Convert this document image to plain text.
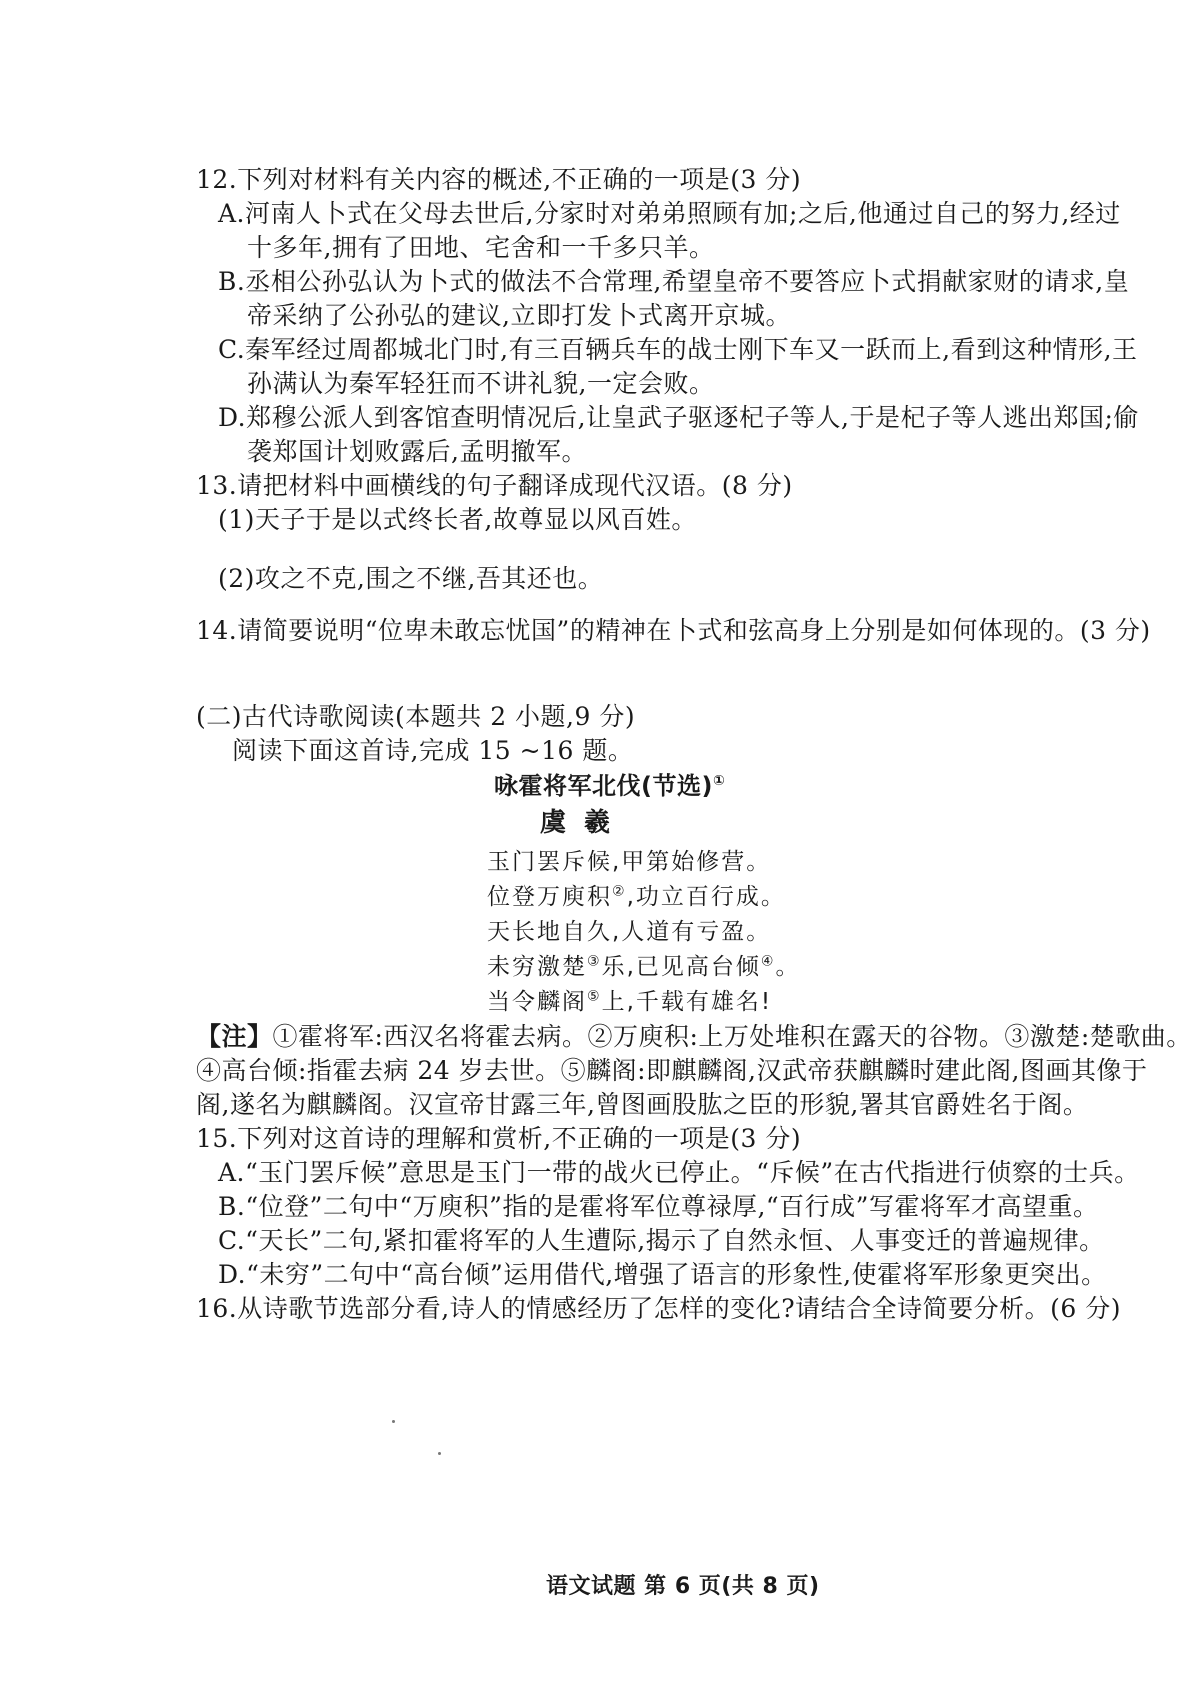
12.下列对材料有关内容的概述,不正确的一项是(3 分)
A.河南人卜式在父母去世后,分家时对弟弟照顾有加;之后,他通过自己的努力,经过
十多年,拥有了田地、宅舍和一千多只羊。
B.丞相公孙弘认为卜式的做法不合常理,希望皇帝不要答应卜式捐献家财的请求,皇
帝采纳了公孙弘的建议,立即打发卜式离开京城。
C.秦军经过周都城北门时,有三百辆兵车的战士刚下车又一跃而上,看到这种情形,王
孙满认为秦军轻狂而不讲礼貌,一定会败。
D.郑穆公派人到客馆查明情况后,让皇武子驱逐杞子等人,于是杞子等人逃出郑国;偷
袭郑国计划败露后,孟明撤军。
13.请把材料中画横线的句子翻译成现代汉语。(8 分)
(1)天子于是以式终长者,故尊显以风百姓。
(2)攻之不克,围之不继,吾其还也。
14.请简要说明“位卑未敢忘忧国”的精神在卜式和弦高身上分别是如何体现的。(3 分)
(二)古代诗歌阅读(本题共 2 小题,9 分)
阅读下面这首诗,完成 15 ~16 题。
咏霍将军北伐(节选)①
虞羲
玉门罢斥候,甲第始修营。
位登万庾积②,功立百行成。
天长地自久,人道有亏盈。
未穷激楚③乐,已见高台倾④。
当令麟阁⑤上,千载有雄名!
【注】①霍将军:西汉名将霍去病。②万庾积:上万处堆积在露天的谷物。③激楚:楚歌曲。
④高台倾:指霍去病 24 岁去世。⑤麟阁:即麒麟阁,汉武帝获麒麟时建此阁,图画其像于
阁,遂名为麒麟阁。汉宣帝甘露三年,曾图画股肱之臣的形貌,署其官爵姓名于阁。
15.下列对这首诗的理解和赏析,不正确的一项是(3 分)
A.“玉门罢斥候”意思是玉门一带的战火已停止。“斥候”在古代指进行侦察的士兵。
B.“位登”二句中“万庾积”指的是霍将军位尊禄厚,“百行成”写霍将军才高望重。
C.“天长”二句,紧扣霍将军的人生遭际,揭示了自然永恒、人事变迁的普遍规律。
D.“未穷”二句中“高台倾”运用借代,增强了语言的形象性,使霍将军形象更突出。
16.从诗歌节选部分看,诗人的情感经历了怎样的变化?请结合全诗简要分析。(6 分)
语文试题 第 6 页(共 8 页)
